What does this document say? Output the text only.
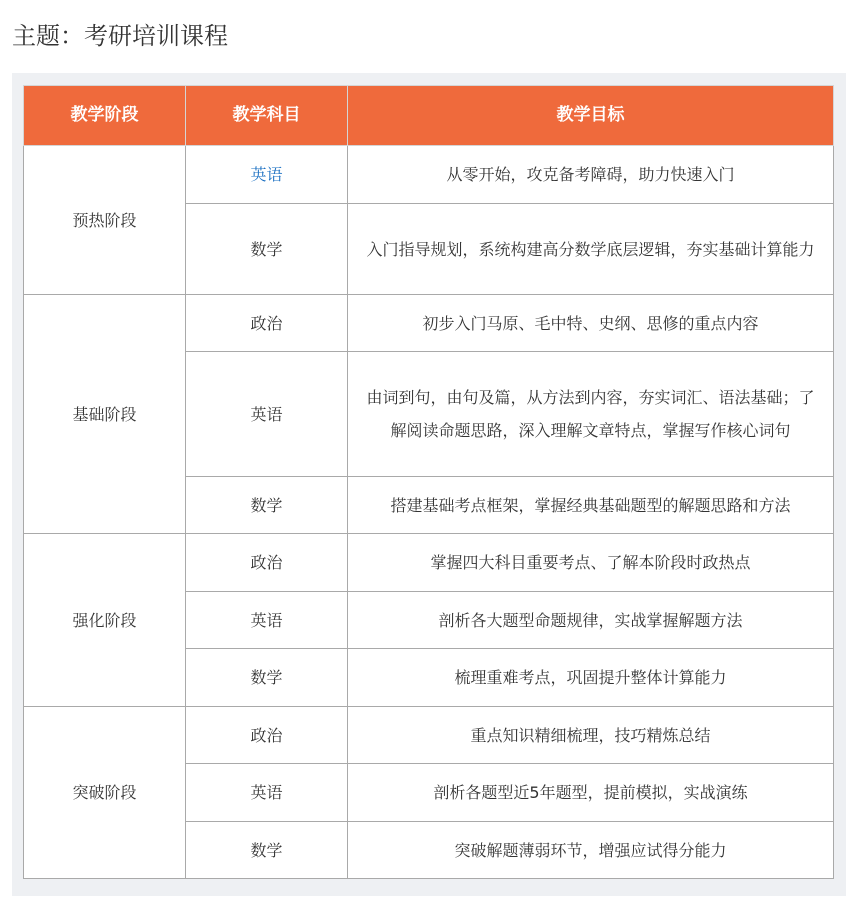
主题：考研培训课程
教学阶段	教学科目	教学目标
预热阶段	英语	从零开始，攻克备考障碍，助力快速入门
	数学	入门指导规划，系统构建高分数学底层逻辑，夯实基础计算能力
基础阶段	政治	初步入门马原、毛中特、史纲、思修的重点内容
	英语	由词到句，由句及篇，从方法到内容，夯实词汇、语法基础；了解阅读命题思路，深入理解文章特点，掌握写作核心词句
	数学	搭建基础考点框架，掌握经典基础题型的解题思路和方法
强化阶段	政治	掌握四大科目重要考点、了解本阶段时政热点
	英语	剖析各大题型命题规律，实战掌握解题方法
	数学	梳理重难考点，巩固提升整体计算能力
突破阶段	政治	重点知识精细梳理，技巧精炼总结
	英语	剖析各题型近5年题型，提前模拟，实战演练
	数学	突破解题薄弱环节，增强应试得分能力
